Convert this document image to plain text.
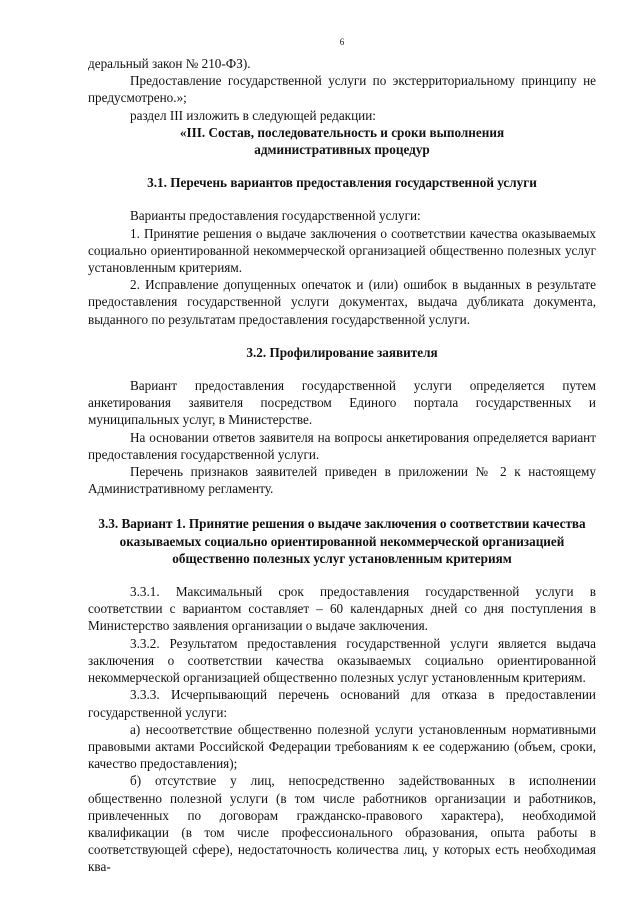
6

деральный закон № 210-ФЗ).

Предоставление государственной услуги по экстерриториальному принципу не предусмотрено.»;

раздел III изложить в следующей редакции:

«III. Состав, последовательность и сроки выполнения
административных процедур

3.1. Перечень вариантов предоставления государственной услуги

Варианты предоставления государственной услуги:

1. Принятие решения о выдаче заключения о соответствии качества оказываемых социально ориентированной некоммерческой организацией общественно полезных услуг установленным критериям.

2. Исправление допущенных опечаток и (или) ошибок в выданных в результате предоставления государственной услуги документах, выдача дубликата документа, выданного по результатам предоставления государственной услуги.

3.2. Профилирование заявителя

Вариант предоставления государственной услуги определяется путем анкетирования заявителя посредством Единого портала государственных и муниципальных услуг, в Министерстве.

На основании ответов заявителя на вопросы анкетирования определяется вариант предоставления государственной услуги.

Перечень признаков заявителей приведен в приложении № 2 к настоящему Административному регламенту.

3.3. Вариант 1. Принятие решения о выдаче заключения о соответствии качества оказываемых социально ориентированной некоммерческой организацией общественно полезных услуг установленным критериям

3.3.1. Максимальный срок предоставления государственной услуги в соответствии с вариантом составляет – 60 календарных дней со дня поступления в Министерство заявления организации о выдаче заключения.

3.3.2. Результатом предоставления государственной услуги является выдача заключения о соответствии качества оказываемых социально ориентированной некоммерческой организацией общественно полезных услуг установленным критериям.

3.3.3. Исчерпывающий перечень оснований для отказа в предоставлении государственной услуги:

а) несоответствие общественно полезной услуги установленным нормативными правовыми актами Российской Федерации требованиям к ее содержанию (объем, сроки, качество предоставления);

б) отсутствие у лиц, непосредственно задействованных в исполнении общественно полезной услуги (в том числе работников организации и работников, привлеченных по договорам гражданско-правового характера), необходимой квалификации (в том числе профессионального образования, опыта работы в соответствующей сфере), недостаточность количества лиц, у которых есть необходимая ква-
